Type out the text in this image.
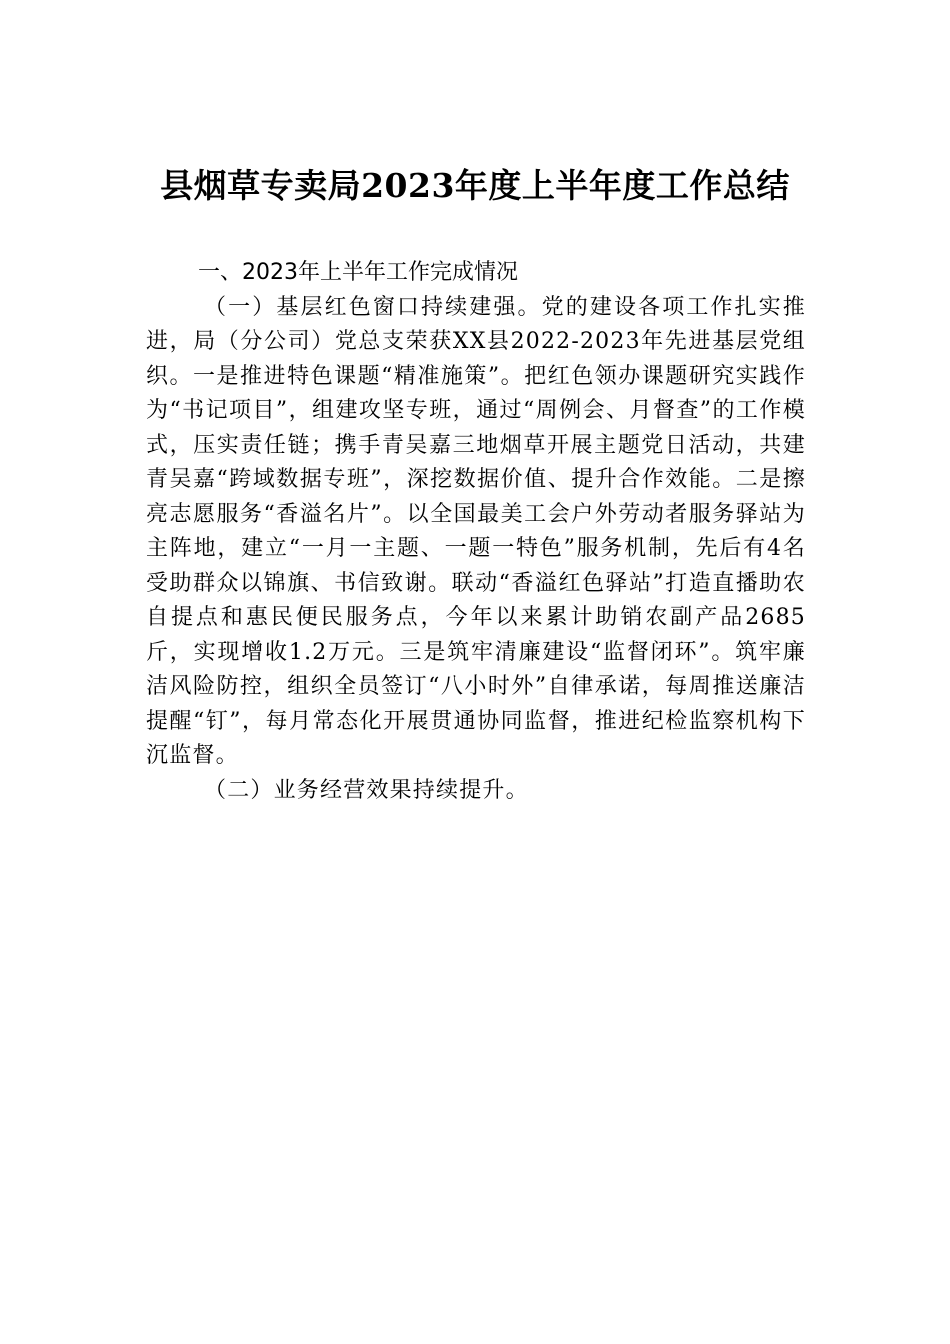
县烟草专卖局2023年度上半年度工作总结

一、2023年上半年工作完成情况

（一）基层红色窗口持续建强。党的建设各项工作扎实推进，局（分公司）党总支荣获XX县2022-2023年先进基层党组织。一是推进特色课题“精准施策”。把红色领办课题研究实践作为“书记项目”，组建攻坚专班，通过“周例会、月督查”的工作模式，压实责任链；携手青吴嘉三地烟草开展主题党日活动，共建青吴嘉“跨域数据专班”，深挖数据价值、提升合作效能。二是擦亮志愿服务“香溢名片”。以全国最美工会户外劳动者服务驿站为主阵地，建立“一月一主题、一题一特色”服务机制，先后有4名受助群众以锦旗、书信致谢。联动“香溢红色驿站”打造直播助农自提点和惠民便民服务点，今年以来累计助销农副产品2685斤，实现增收1.2万元。三是筑牢清廉建设“监督闭环”。筑牢廉洁风险防控，组织全员签订“八小时外”自律承诺，每周推送廉洁提醒“钉”，每月常态化开展贯通协同监督，推进纪检监察机构下沉监督。

（二）业务经营效果持续提升。
